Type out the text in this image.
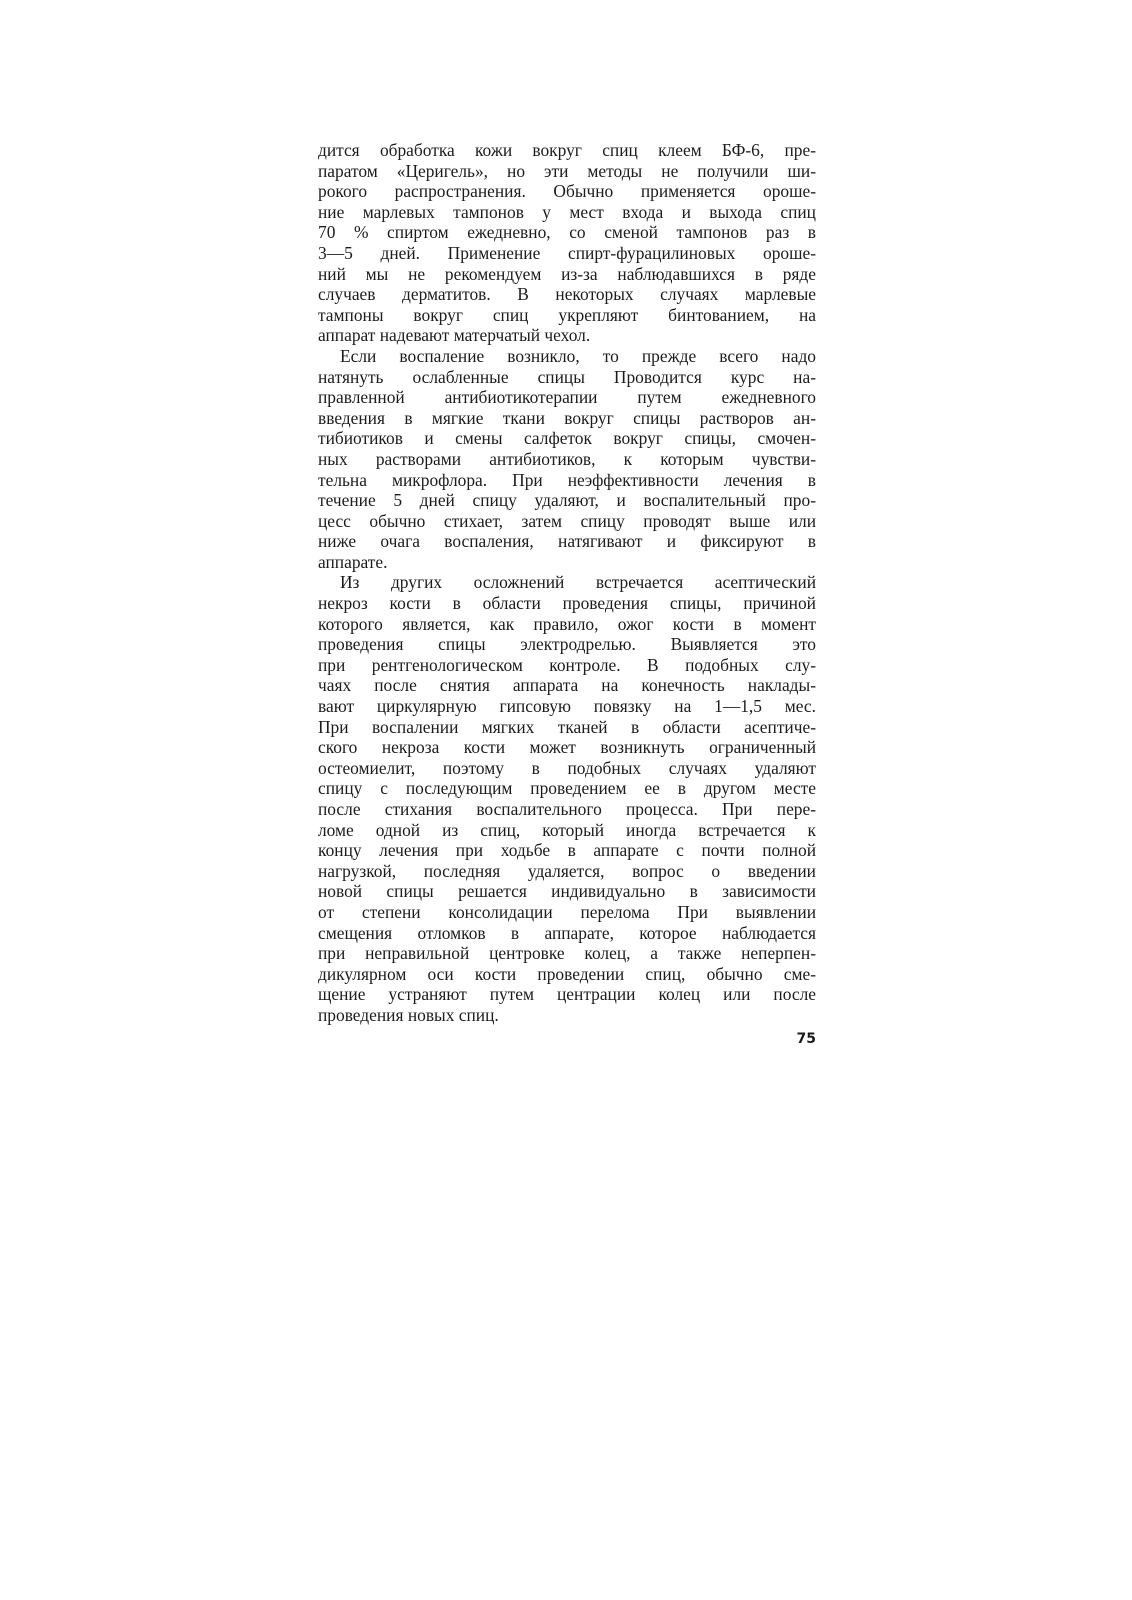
дится обработка кожи вокруг спиц клеем БФ-6, пре-
паратом «Церигель», но эти методы не получили ши-
рокого распространения. Обычно применяется ороше-
ние марлевых тампонов у мест входа и выхода спиц
70 % спиртом ежедневно, со сменой тампонов раз в
3—5 дней. Применение спирт-фурацилиновых ороше-
ний мы не рекомендуем из-за наблюдавшихся в ряде
случаев дерматитов. В некоторых случаях марлевые
тампоны вокруг спиц укрепляют бинтованием, на
аппарат надевают матерчатый чехол.
Если воспаление возникло, то прежде всего надо
натянуть ослабленные спицы Проводится курс на-
правленной антибиотикотерапии путем ежедневного
введения в мягкие ткани вокруг спицы растворов ан-
тибиотиков и смены салфеток вокруг спицы, смочен-
ных растворами антибиотиков, к которым чувстви-
тельна микрофлора. При неэффективности лечения в
течение 5 дней спицу удаляют, и воспалительный про-
цесс обычно стихает, затем спицу проводят выше или
ниже очага воспаления, натягивают и фиксируют в
аппарате.
Из других осложнений встречается асептический
некроз кости в области проведения спицы, причиной
которого является, как правило, ожог кости в момент
проведения спицы электродрелью. Выявляется это
при рентгенологическом контроле. В подобных слу-
чаях после снятия аппарата на конечность наклады-
вают циркулярную гипсовую повязку на 1—1,5 мес.
При воспалении мягких тканей в области асептиче-
ского некроза кости может возникнуть ограниченный
остеомиелит, поэтому в подобных случаях удаляют
спицу с последующим проведением ее в другом месте
после стихания воспалительного процесса. При пере-
ломе одной из спиц, который иногда встречается к
концу лечения при ходьбе в аппарате с почти полной
нагрузкой, последняя удаляется, вопрос о введении
новой спицы решается индивидуально в зависимости
от степени консолидации перелома При выявлении
смещения отломков в аппарате, которое наблюдается
при неправильной центровке колец, а также неперпен-
дикулярном оси кости проведении спиц, обычно сме-
щение устраняют путем центрации колец или после
проведения новых спиц.
75
